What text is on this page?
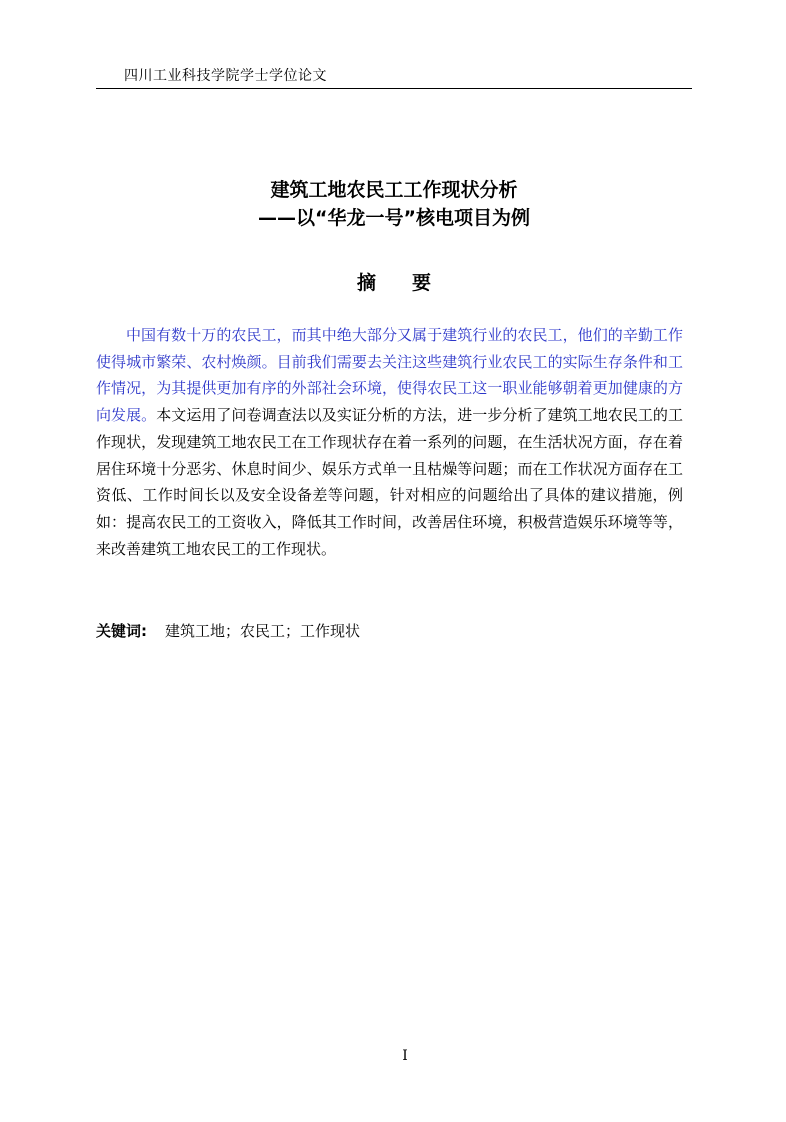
四川工业科技学院学士学位论文
建筑工地农民工工作现状分析
——以“华龙一号”核电项目为例
摘要
中国有数十万的农民工，而其中绝大部分又属于建筑行业的农民工，他们的辛勤工作使得城市繁荣、农村焕颜。目前我们需要去关注这些建筑行业农民工的实际生存条件和工作情况，为其提供更加有序的外部社会环境，使得农民工这一职业能够朝着更加健康的方向发展。本文运用了问卷调查法以及实证分析的方法，进一步分析了建筑工地农民工的工作现状，发现建筑工地农民工在工作现状存在着一系列的问题，在生活状况方面，存在着居住环境十分恶劣、休息时间少、娱乐方式单一且枯燥等问题；而在工作状况方面存在工资低、工作时间长以及安全设备差等问题，针对相应的问题给出了具体的建议措施，例如：提高农民工的工资收入，降低其工作时间，改善居住环境，积极营造娱乐环境等等，来改善建筑工地农民工的工作现状。
关键词: 建筑工地；农民工；工作现状
I
